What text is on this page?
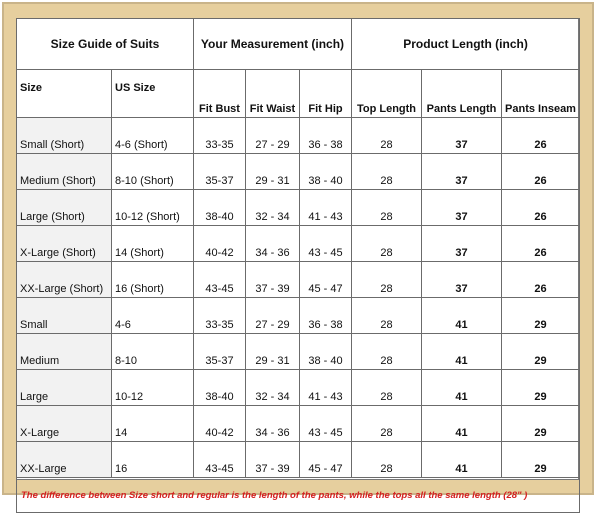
Size Guide of Suits		Your Measurement (inch)			Product Length (inch)		
Size	US Size	Fit Bust	Fit Waist	Fit Hip	Top Length	Pants Length	Pants Inseam
Small (Short)	4-6 (Short)	33-35	27 - 29	36 - 38	28	37	26
Medium (Short)	8-10 (Short)	35-37	29 - 31	38 - 40	28	37	26
Large (Short)	10-12 (Short)	38-40	32 - 34	41 - 43	28	37	26
X-Large (Short)	14 (Short)	40-42	34 - 36	43 - 45	28	37	26
XX-Large (Short)	16 (Short)	43-45	37 - 39	45 - 47	28	37	26
Small	4-6	33-35	27 - 29	36 - 38	28	41	29
Medium	8-10	35-37	29 - 31	38 - 40	28	41	29
Large	10-12	38-40	32 - 34	41 - 43	28	41	29
X-Large	14	40-42	34 - 36	43 - 45	28	41	29
XX-Large	16	43-45	37 - 39	45 - 47	28	41	29
The difference between Size short and regular is the length of the pants, while the tops all the same length (28" )							
